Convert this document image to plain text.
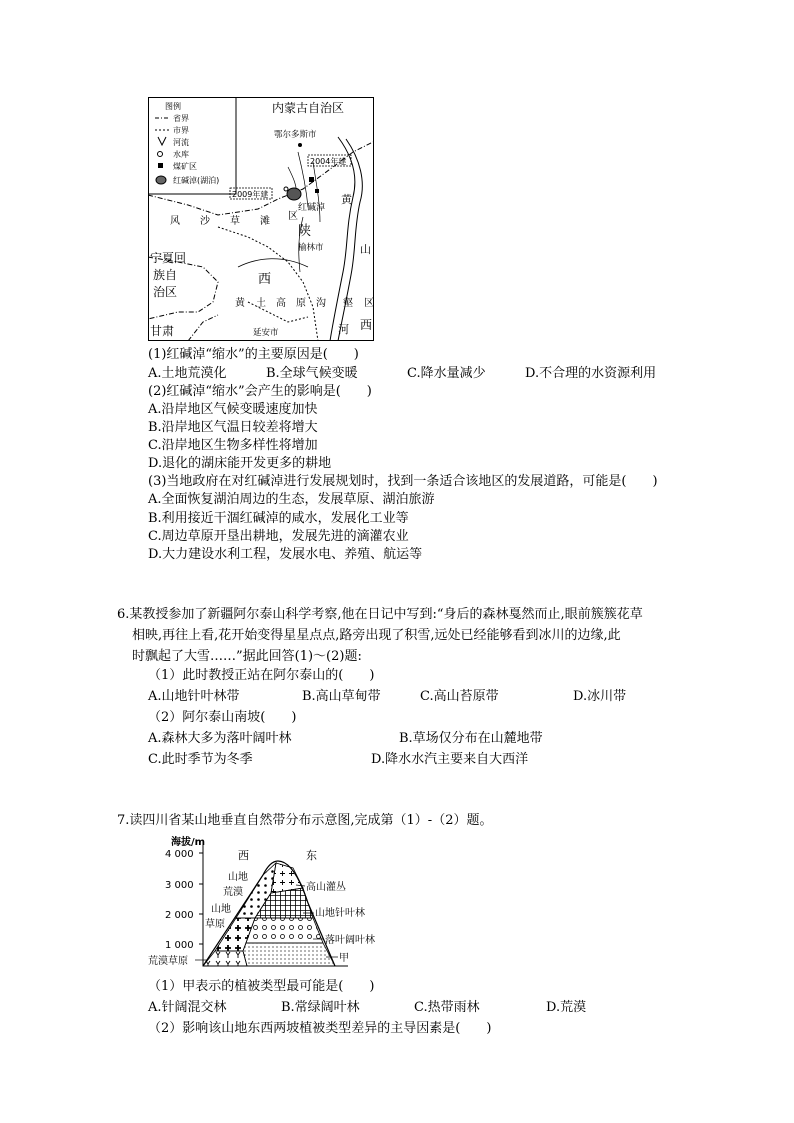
图例
省界
市界
河流
水库
煤矿区
红碱淖(湖泊)
内蒙古自治区
鄂尔多斯市
2004年建
2009年建
红碱淖
黄
山
风 沙 草 滩 区
陕
榆林市
宁夏回
族自
治区
西
黄 土 高 原 沟 壑 区
甘肃	延安市	河 西
(1)红碱淖“缩水”的主要原因是(　　)
A.土地荒漠化	B.全球气候变暖	C.降水量减少	D.不合理的水资源利用
(2)红碱淖“缩水”会产生的影响是(　　)
A.沿岸地区气候变暖速度加快
B.沿岸地区气温日较差将增大
C.沿岸地区生物多样性将增加
D.退化的湖床能开发更多的耕地
(3)当地政府在对红碱淖进行发展规划时，找到一条适合该地区的发展道路，可能是(　　)
A.全面恢复湖泊周边的生态，发展草原、湖泊旅游
B.利用接近干涸红碱淖的咸水，发展化工业等
C.周边草原开垦出耕地，发展先进的滴灌农业
D.大力建设水利工程，发展水电、养殖、航运等
6.某教授参加了新疆阿尔泰山科学考察,他在日记中写到:“身后的森林戛然而止,眼前簇簇花草
相映,再往上看,花开始变得星星点点,路旁出现了积雪,远处已经能够看到冰川的边缘,此
时飘起了大雪……”据此回答(1)～(2)题:
（1）此时教授正站在阿尔泰山的(　　)
A.山地针叶林带	B.高山草甸带	C.高山苔原带	D.冰川带
（2）阿尔泰山南坡(　　)
A.森林大多为落叶阔叶林	B.草场仅分布在山麓地带
C.此时季节为冬季	D.降水水汽主要来自大西洋
7.读四川省某山地垂直自然带分布示意图,完成第（1）-（2）题。
海拔/m
4 000
3 000
2 000
1 000
西	东
山地
荒漠
山地
草原
荒漠草原
高山灌丛
山地针叶林
落叶阔叶林
甲
（1）甲表示的植被类型最可能是(　　)
A.针阔混交林	B.常绿阔叶林	C.热带雨林	D.荒漠
（2）影响该山地东西两坡植被类型差异的主导因素是(　　)
